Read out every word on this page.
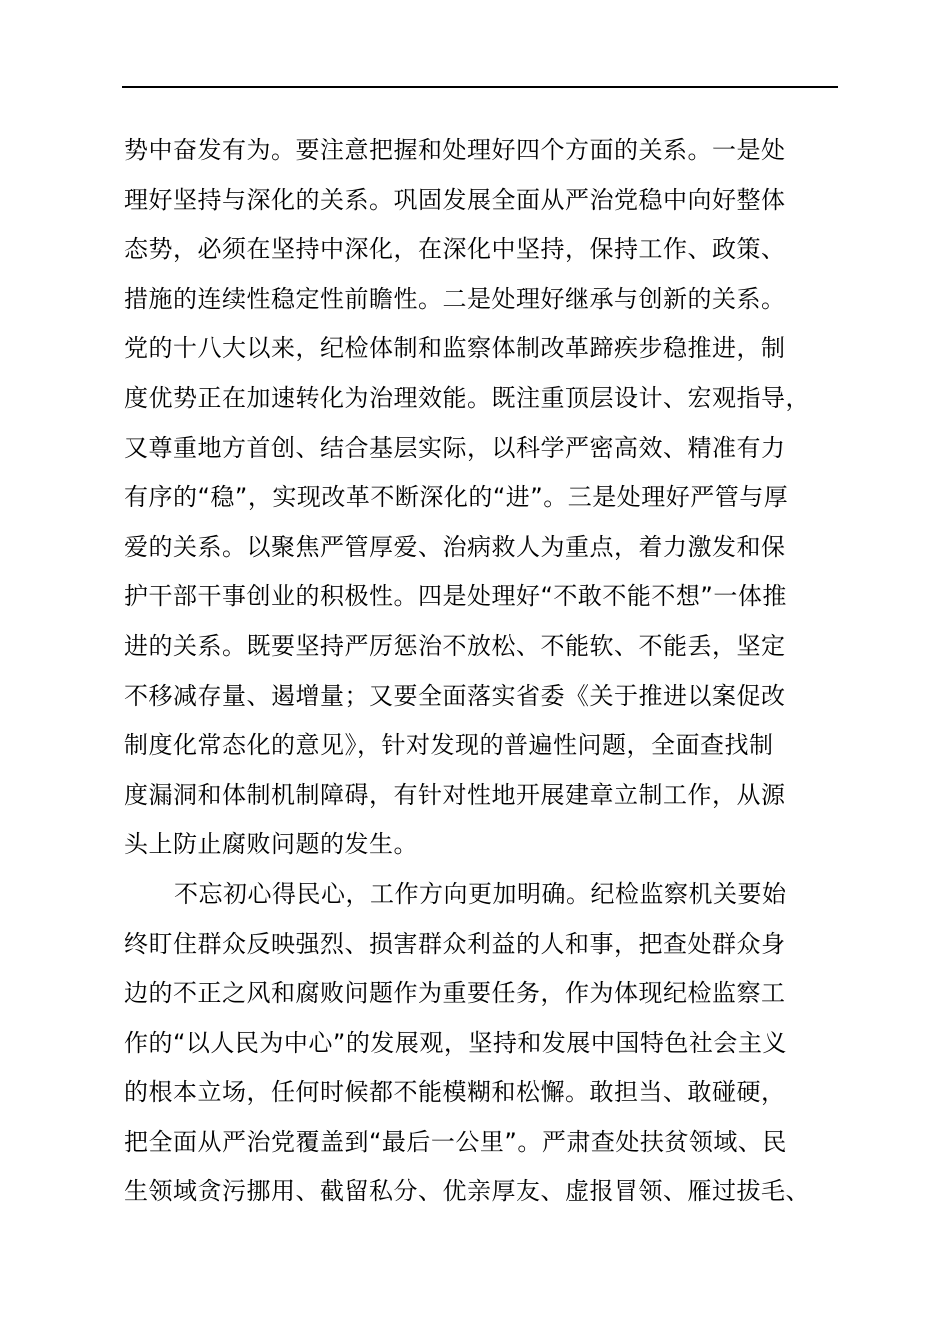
势中奋发有为。要注意把握和处理好四个方面的关系。一是处
理好坚持与深化的关系。巩固发展全面从严治党稳中向好整体
态势，必须在坚持中深化，在深化中坚持，保持工作、政策、
措施的连续性稳定性前瞻性。二是处理好继承与创新的关系。
党的十八大以来，纪检体制和监察体制改革蹄疾步稳推进，制
度优势正在加速转化为治理效能。既注重顶层设计、宏观指导，
又尊重地方首创、结合基层实际，以科学严密高效、精准有力
有序的“稳”，实现改革不断深化的“进”。三是处理好严管与厚
爱的关系。以聚焦严管厚爱、治病救人为重点，着力激发和保
护干部干事创业的积极性。四是处理好“不敢不能不想”一体推
进的关系。既要坚持严厉惩治不放松、不能软、不能丢，坚定
不移减存量、遏增量；又要全面落实省委《关于推进以案促改
制度化常态化的意见》，针对发现的普遍性问题，全面查找制
度漏洞和体制机制障碍，有针对性地开展建章立制工作，从源
头上防止腐败问题的发生。
不忘初心得民心，工作方向更加明确。纪检监察机关要始
终盯住群众反映强烈、损害群众利益的人和事，把查处群众身
边的不正之风和腐败问题作为重要任务，作为体现纪检监察工
作的“以人民为中心”的发展观，坚持和发展中国特色社会主义
的根本立场，任何时候都不能模糊和松懈。敢担当、敢碰硬，
把全面从严治党覆盖到“最后一公里”。严肃查处扶贫领域、民
生领域贪污挪用、截留私分、优亲厚友、虚报冒领、雁过拔毛、
